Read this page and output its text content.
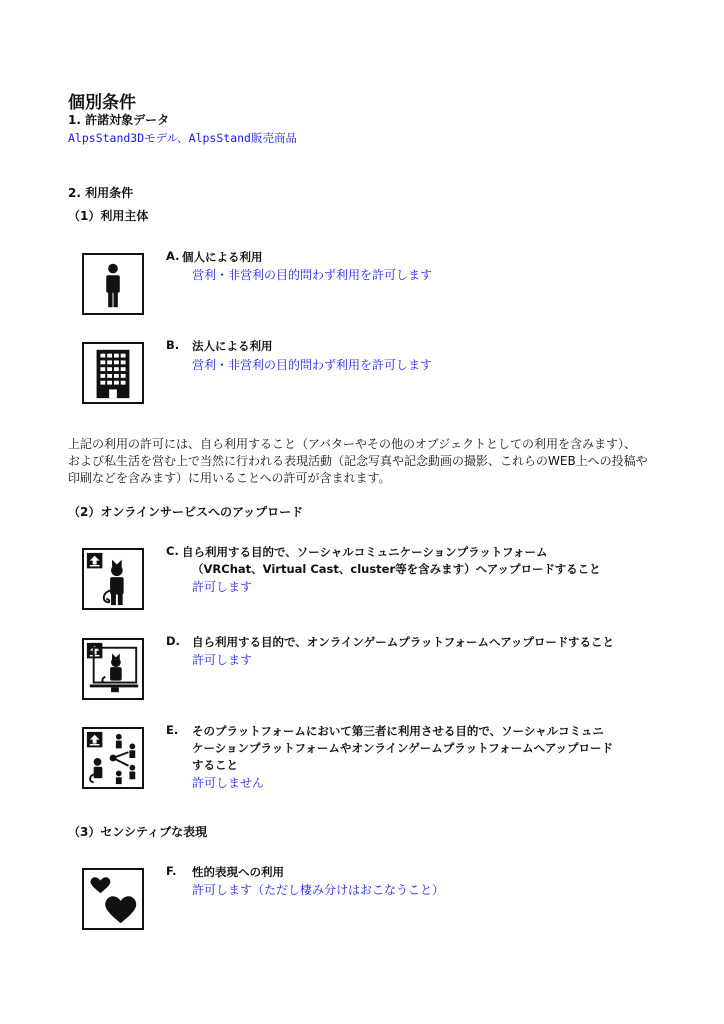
個別条件
1. 許諾対象データ
AlpsStand3Dモデル、AlpsStand販売商品
2. 利用条件
（1）利用主体
A. 個人による利用
営利・非営利の目的問わず利用を許可します
B. 法人による利用
営利・非営利の目的問わず利用を許可します
上記の利用の許可には、自ら利用すること（アバターやその他のオブジェクトとしての利用を含みます）、
および私生活を営む上で当然に行われる表現活動（記念写真や記念動画の撮影、これらのWEB上への投稿や
印刷などを含みます）に用いることへの許可が含まれます。
（2）オンラインサービスへのアップロード
C. 自ら利用する目的で、ソーシャルコミュニケーションプラットフォーム
（VRChat、Virtual Cast、cluster等を含みます）へアップロードすること
許可します
D. 自ら利用する目的で、オンラインゲームプラットフォームへアップロードすること
許可します
E. そのプラットフォームにおいて第三者に利用させる目的で、ソーシャルコミュニ
ケーションプラットフォームやオンラインゲームプラットフォームへアップロード
すること
許可しません
（3）センシティブな表現
F. 性的表現への利用
許可します（ただし棲み分けはおこなうこと）
